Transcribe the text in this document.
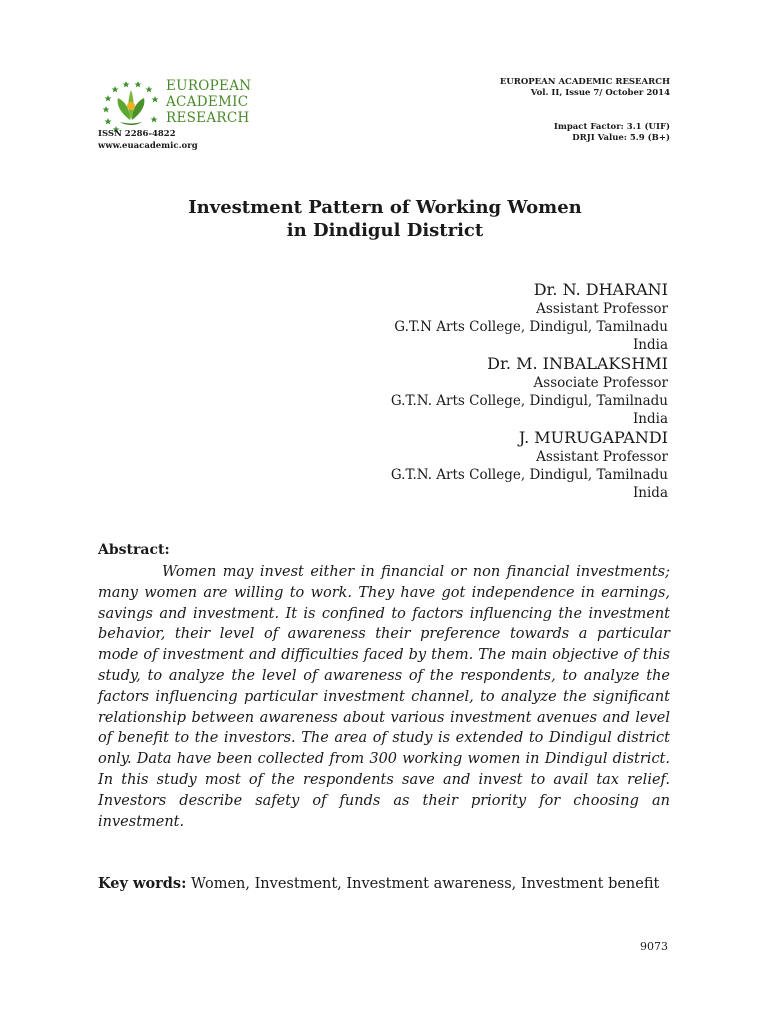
EUROPEAN
ACADEMIC
RESEARCH
ISSN 2286-4822
www.euacademic.org
EUROPEAN ACADEMIC RESEARCH
Vol. II, Issue 7/ October 2014
Impact Factor: 3.1 (UIF)
DRJI Value: 5.9 (B+)
Investment Pattern of Working Women
in Dindigul District
Dr. N. DHARANI
Assistant Professor
G.T.N Arts College, Dindigul, Tamilnadu
India
Dr. M. INBALAKSHMI
Associate Professor
G.T.N. Arts College, Dindigul, Tamilnadu
India
J. MURUGAPANDI
Assistant Professor
G.T.N. Arts College, Dindigul, Tamilnadu
Inida
Abstract:

Women may invest either in financial or non financial investments; many women are willing to work. They have got independence in earnings, savings and investment. It is confined to factors influencing the investment behavior, their level of awareness their preference towards a particular mode of investment and difficulties faced by them. The main objective of this study, to analyze the level of awareness of the respondents, to analyze the factors influencing particular investment channel, to analyze the significant relationship between awareness about various investment avenues and level of benefit to the investors. The area of study is extended to Dindigul district only. Data have been collected from 300 working women in Dindigul district. In this study most of the respondents save and invest to avail tax relief. Investors describe safety of funds as their priority for choosing an investment.

Key words: Women, Investment, Investment awareness, Investment benefit

9073
